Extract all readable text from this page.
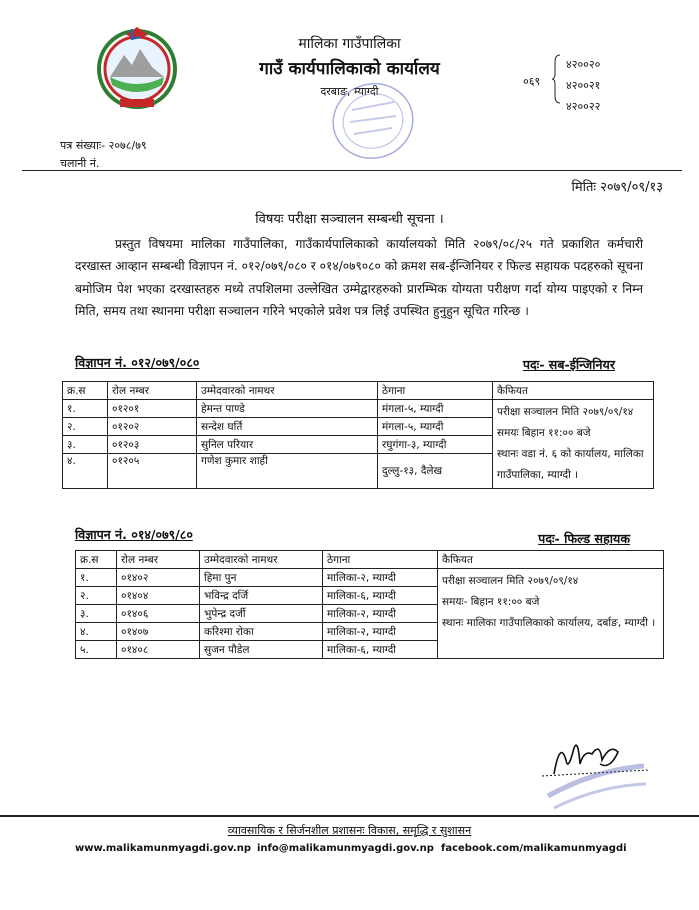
मालिका गाउँपालिका
गाउँ कार्यपालिकाको कार्यालय
दरबाङ, म्याग्दी
०६९
४२००२०
४२००२१
४२००२२
पत्र संख्याः- २०७८/७९
चलानी नं.
मितिः २०७९/०९/१३
विषयः परीक्षा सञ्चालन सम्बन्धी सूचना ।
प्रस्तुत विषयमा मालिका गाउँपालिका, गाउँकार्यपालिकाको कार्यालयको मिति २०७९/०८/२५ गते प्रकाशित कर्मचारी दरखास्त आव्हान सम्बन्धी विज्ञापन नं. ०१२/०७९/०८० र ०१४/०७९०८० को क्रमश सब-ईन्जिनियर र फिल्ड सहायक पदहरुको सूचना बमोजिम पेश भएका दरखास्तहरु मध्ये तपशिलमा उल्लेखित उम्मेद्वारहरुको प्रारम्भिक योग्यता परीक्षण गर्दा योग्य पाइएको र निम्न मिति, समय तथा स्थानमा परीक्षा सञ्चालन गरिने भएकोले प्रवेश पत्र लिई उपस्थित हुनुहुन सूचित गरिन्छ ।
विज्ञापन नं. ०१२/०७९/०८०	पदः- सब-ईन्जिनियर
क्र.स	रोल नम्बर	उम्मेदवारको नामथर	ठेगाना	कैफियत
१.	०१२०१	हेमन्त पाण्डे	मंगला-५, म्याग्दी	परीक्षा सञ्चालन मिति २०७९/०९/१४
समयः बिहान ११:०० बजे
स्थानः वडा नं. ६ को कार्यालय, मालिका गाउँपालिका, म्याग्दी ।

२.	०१२०२	सन्देश घर्ति	मंगला-५, म्याग्दी	
३.	०१२०३	सुनिल परियार	रघुगंगा-३, म्याग्दी	
४.	०१२०५	गणेश कुमार शाही	दुल्लु-१३, दैलेख	
विज्ञापन नं. ०१४/०७९/८०	पदः- फिल्ड सहायक
क्र.स	रोल नम्बर	उम्मेदवारको नामथर	ठेगाना	कैफियत
१.	०१४०२	हिमा पुन	मालिका-२, म्याग्दी	परीक्षा सञ्चालन मिति २०७९/०९/१४
समयः- बिहान ११:०० बजे
स्थानः मालिका गाउँपालिकाको कार्यालय, दर्बाङ, म्याग्दी ।

२.	०१४०४	भविन्द्र दर्जि	मालिका-६, म्याग्दी	
३.	०१४०६	भुपेन्द्र दर्जी	मालिका-२, म्याग्दी	
४.	०१४०७	करिश्मा रोका	मालिका-२, म्याग्दी	
५.	०१४०८	सुजन पौडेल	मालिका-६, म्याग्दी	
व्यावसायिक र सिर्जनशील प्रशासनः विकास, समृद्धि र सुशासन
www.malikamunmyagdi.gov.np info@malikamunmyagdi.gov.np facebook.com/malikamunmyagdi
